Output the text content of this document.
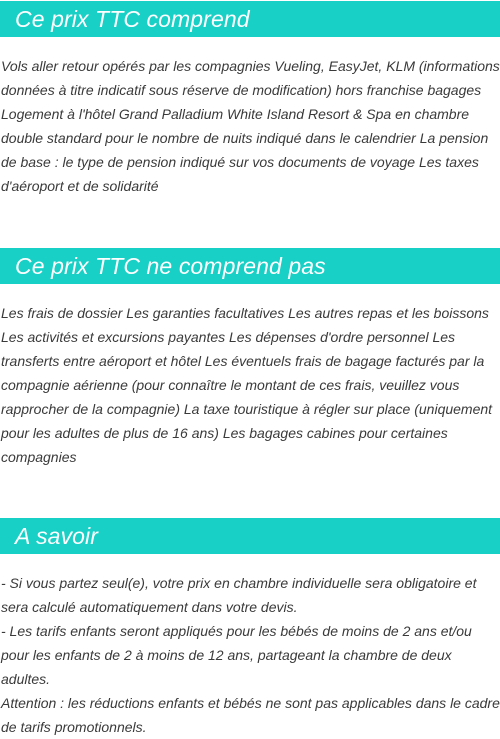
Ce prix TTC comprend

Vols aller retour opérés par les compagnies Vueling, EasyJet, KLM (informations données à titre indicatif sous réserve de modification) hors franchise bagages Logement à l'hôtel Grand Palladium White Island Resort & Spa en chambre double standard pour le nombre de nuits indiqué dans le calendrier La pension de base : le type de pension indiqué sur vos documents de voyage Les taxes d'aéroport et de solidarité

Ce prix TTC ne comprend pas

Les frais de dossier Les garanties facultatives Les autres repas et les boissons Les activités et excursions payantes Les dépenses d'ordre personnel Les transferts entre aéroport et hôtel Les éventuels frais de bagage facturés par la compagnie aérienne (pour connaître le montant de ces frais, veuillez vous rapprocher de la compagnie) La taxe touristique à régler sur place (uniquement pour les adultes de plus de 16 ans) Les bagages cabines pour certaines compagnies

A savoir

- Si vous partez seul(e), votre prix en chambre individuelle sera obligatoire et sera calculé automatiquement dans votre devis.

- Les tarifs enfants seront appliqués pour les bébés de moins de 2 ans et/ou pour les enfants de 2 à moins de 12 ans, partageant la chambre de deux adultes.

Attention : les réductions enfants et bébés ne sont pas applicables dans le cadre de tarifs promotionnels.
